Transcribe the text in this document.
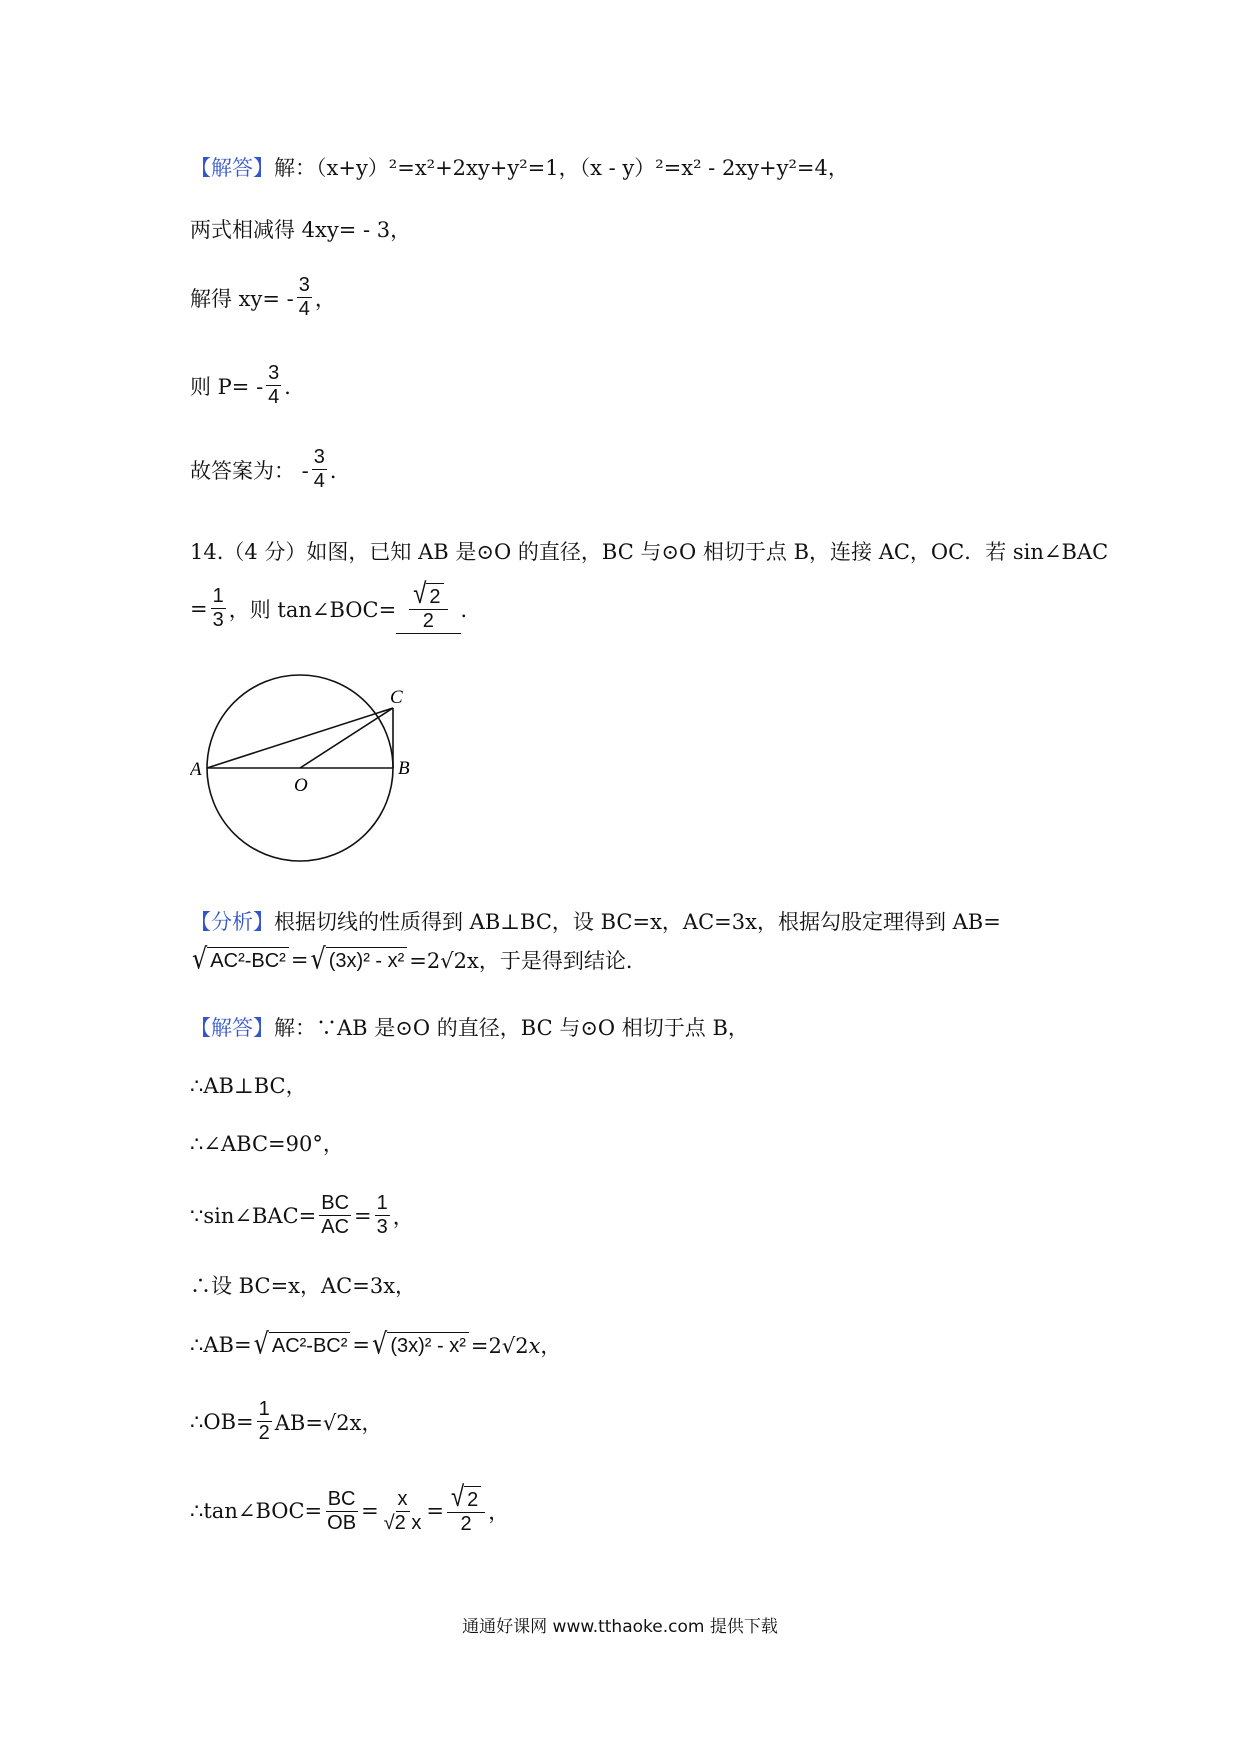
【解答】 解：（x+y）²=x²+2xy+y²=1，（x - y）²=x² - 2xy+y²=4，
两式相减得 4xy= - 3，
解得 $xy= - \frac{3}{4}$ ，
则 $P= - \frac{3}{4}$ ．
故答案为： - $\frac{3}{4}$ ．
14.（4 分）如图，已知 AB 是⊙O 的直径，BC 与⊙O 相切于点 B，连接 AC，OC．若 sin∠BAC
= $\frac{1}{3}$ ，则 tan∠BOC= $\frac{√ 2}{2}$ ．
A	B
C
O
【分析】 根据切线的性质得到 AB⊥BC，设 BC=x，AC=3x，根据勾股定理得到 AB=
√ AC²-BC² = √ (3x)² - x² =2√2x，于是得到结论．
【解答】 解：∵AB 是⊙O 的直径，BC 与⊙O 相切于点 B，
∴AB⊥BC，
∴∠ABC=90°，
∵sin∠BAC= $\frac{BC}{AC} = \frac{1}{3}$ ，
∴设 BC=x，AC=3x，
∴AB= √ AC²-BC² = √ (3x)² - x² =2√2x，
∴OB= $\frac{1}{2} AB=√2x$，
∴tan∠BOC= $\frac{BC}{OB} = \frac{x}{√2 x} = \frac{√ 2}{2}$ ，
通通好课网 www.tthaoke.com 提供下载
